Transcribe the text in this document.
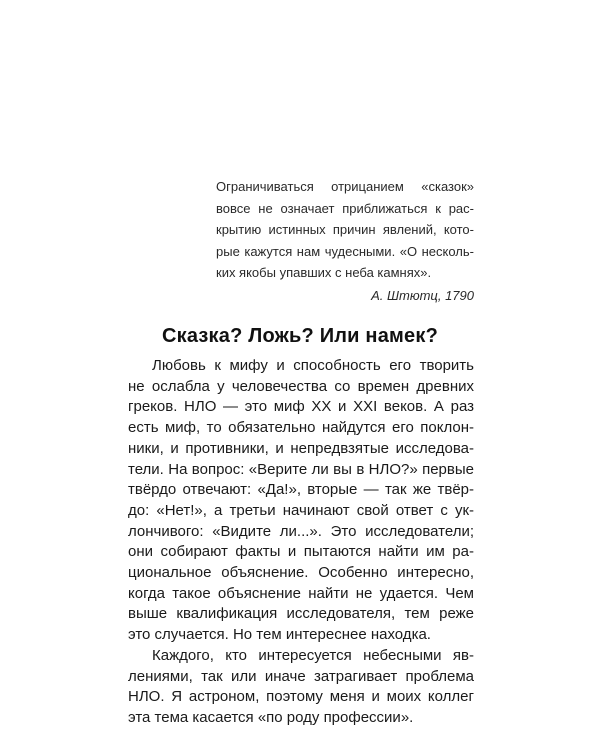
Ограничиваться отрицанием «сказок»
вовсе не означает приближаться к рас-
крытию истинных причин явлений, кото-
рые кажутся нам чудесными. «О несколь-
ких якобы упавших с неба камнях».
А. Штютц, 1790
Сказка? Ложь? Или намек?
Любовь к мифу и способность его творить
не ослабла у человечества со времен древних
греков. НЛО — это миф XX и XXI веков. А раз
есть миф, то обязательно найдутся его поклон-
ники, и противники, и непредвзятые исследова-
тели. На вопрос: «Верите ли вы в НЛО?» первые
твёрдо отвечают: «Да!», вторые — так же твёр-
до: «Нет!», а третьи начинают свой ответ с ук-
лончивого: «Видите ли...». Это исследователи;
они собирают факты и пытаются найти им ра-
циональное объяснение. Особенно интересно,
когда такое объяснение найти не удается. Чем
выше квалификация исследователя, тем реже
это случается. Но тем интереснее находка.
Каждого, кто интересуется небесными яв-
лениями, так или иначе затрагивает проблема
НЛО. Я астроном, поэтому меня и моих коллег
эта тема касается «по роду профессии».
